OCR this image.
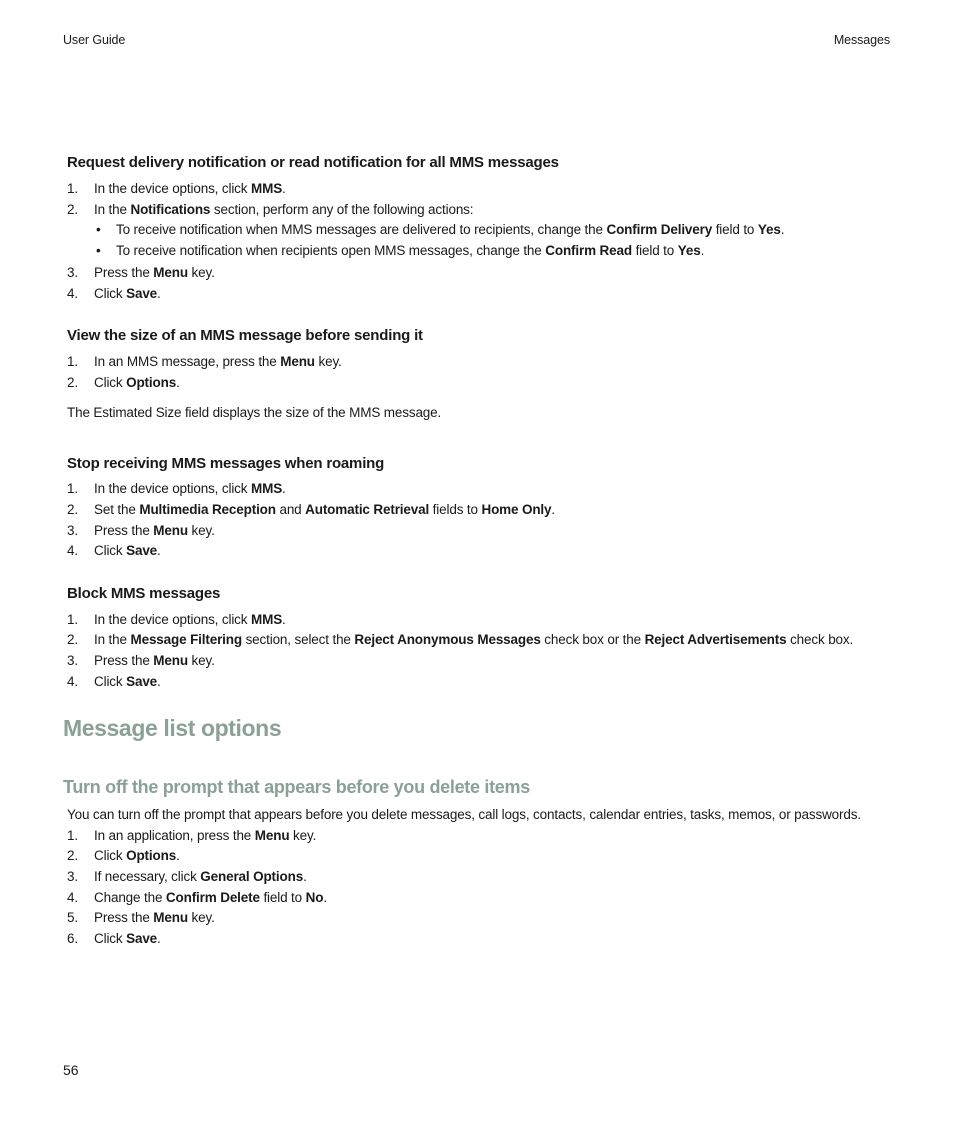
User Guide	Messages
Request delivery notification or read notification for all MMS messages
1. In the device options, click MMS.
2. In the Notifications section, perform any of the following actions:
• To receive notification when MMS messages are delivered to recipients, change the Confirm Delivery field to Yes.
• To receive notification when recipients open MMS messages, change the Confirm Read field to Yes.
3. Press the Menu key.
4. Click Save.
View the size of an MMS message before sending it
1. In an MMS message, press the Menu key.
2. Click Options.
The Estimated Size field displays the size of the MMS message.
Stop receiving MMS messages when roaming
1. In the device options, click MMS.
2. Set the Multimedia Reception and Automatic Retrieval fields to Home Only.
3. Press the Menu key.
4. Click Save.
Block MMS messages
1. In the device options, click MMS.
2. In the Message Filtering section, select the Reject Anonymous Messages check box or the Reject Advertisements check box.
3. Press the Menu key.
4. Click Save.
Message list options
Turn off the prompt that appears before you delete items
You can turn off the prompt that appears before you delete messages, call logs, contacts, calendar entries, tasks, memos, or passwords.
1. In an application, press the Menu key.
2. Click Options.
3. If necessary, click General Options.
4. Change the Confirm Delete field to No.
5. Press the Menu key.
6. Click Save.
56
